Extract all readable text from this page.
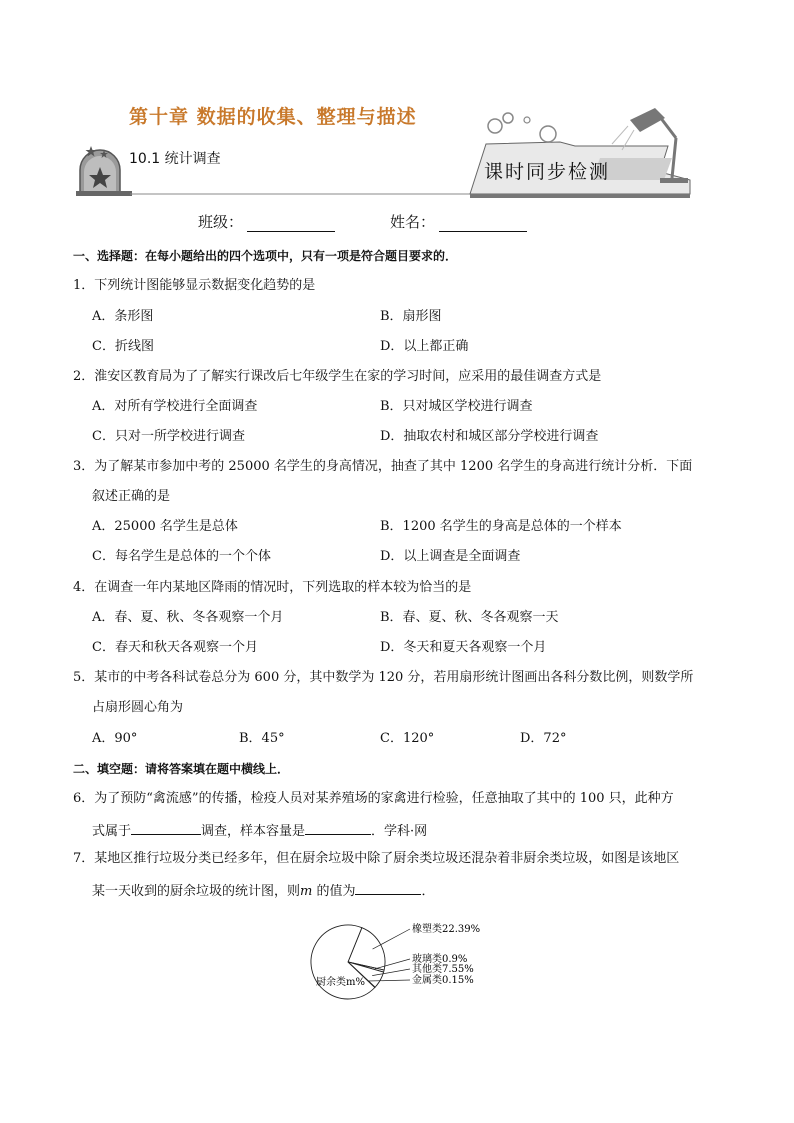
第十章 数据的收集、整理与描述
10.1 统计调查
课时同步检测
班级：	姓名：
一、选择题：在每小题给出的四个选项中，只有一项是符合题目要求的．
1．下列统计图能够显示数据变化趋势的是
A．条形图	B．扇形图
C．折线图	D．以上都正确
2．淮安区教育局为了了解实行课改后七年级学生在家的学习时间，应采用的最佳调查方式是
A．对所有学校进行全面调查	B．只对城区学校进行调查
C．只对一所学校进行调查	D．抽取农村和城区部分学校进行调查
3．为了解某市参加中考的 25000 名学生的身高情况，抽查了其中 1200 名学生的身高进行统计分析．下面
叙述正确的是
A．25000 名学生是总体	B．1200 名学生的身高是总体的一个样本
C．每名学生是总体的一个个体	D．以上调查是全面调查
4．在调查一年内某地区降雨的情况时，下列选取的样本较为恰当的是
A．春、夏、秋、冬各观察一个月	B．春、夏、秋、冬各观察一天
C．春天和秋天各观察一个月	D．冬天和夏天各观察一个月
5．某市的中考各科试卷总分为 600 分，其中数学为 120 分，若用扇形统计图画出各科分数比例，则数学所
占扇形圆心角为
A．90°	B．45°	C．120°	D．72°
二、填空题：请将答案填在题中横线上．
6．为了预防“禽流感”的传播，检疫人员对某养殖场的家禽进行检验，任意抽取了其中的 100 只，此种方
式属于	调查，样本容量是	．学科·网
7．某地区推行垃圾分类已经多年，但在厨余垃圾中除了厨余类垃圾还混杂着非厨余类垃圾，如图是该地区
某一天收到的厨余垃圾的统计图，则m 的值为	．
橡塑类22.39%
玻璃类0.9%
其他类7.55%
金属类0.15%
厨余类m%
